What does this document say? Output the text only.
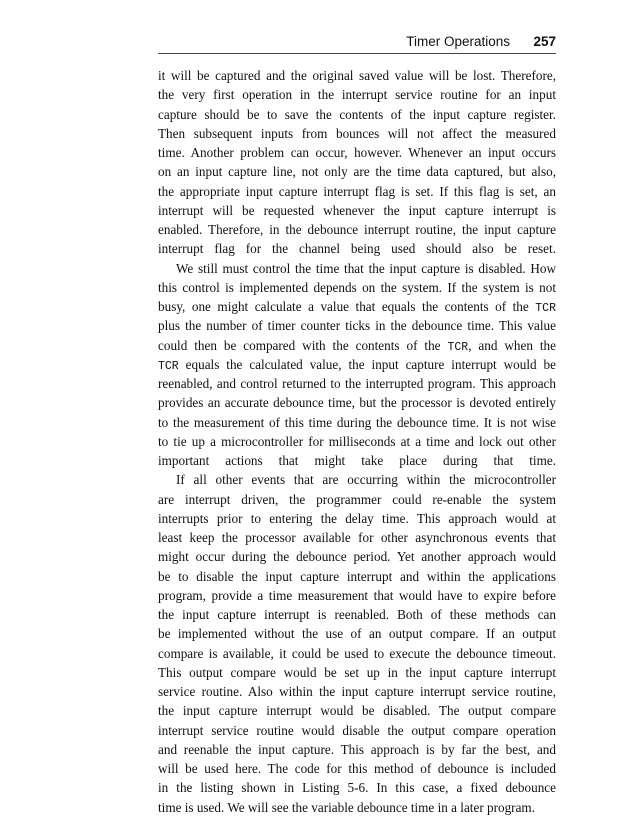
Timer Operations 257
it will be captured and the original saved value will be lost. Therefore,
the very first operation in the interrupt service routine for an input
capture should be to save the contents of the input capture register.
Then subsequent inputs from bounces will not affect the measured
time. Another problem can occur, however. Whenever an input occurs
on an input capture line, not only are the time data captured, but also,
the appropriate input capture interrupt flag is set. If this flag is set, an
interrupt will be requested whenever the input capture interrupt is
enabled. Therefore, in the debounce interrupt routine, the input capture
interrupt flag for the channel being used should also be reset.
We still must control the time that the input capture is disabled. How
this control is implemented depends on the system. If the system is not
busy, one might calculate a value that equals the contents of the TCR
plus the number of timer counter ticks in the debounce time. This value
could then be compared with the contents of the TCR, and when the
TCR equals the calculated value, the input capture interrupt would be
reenabled, and control returned to the interrupted program. This approach
provides an accurate debounce time, but the processor is devoted entirely
to the measurement of this time during the debounce time. It is not wise
to tie up a microcontroller for milliseconds at a time and lock out other
important actions that might take place during that time.
If all other events that are occurring within the microcontroller
are interrupt driven, the programmer could re-enable the system
interrupts prior to entering the delay time. This approach would at
least keep the processor available for other asynchronous events that
might occur during the debounce period. Yet another approach would
be to disable the input capture interrupt and within the applications
program, provide a time measurement that would have to expire before
the input capture interrupt is reenabled. Both of these methods can
be implemented without the use of an output compare. If an output
compare is available, it could be used to execute the debounce timeout.
This output compare would be set up in the input capture interrupt
service routine. Also within the input capture interrupt service routine,
the input capture interrupt would be disabled. The output compare
interrupt service routine would disable the output compare operation
and reenable the input capture. This approach is by far the best, and
will be used here. The code for this method of debounce is included
in the listing shown in Listing 5-6. In this case, a fixed debounce
time is used. We will see the variable debounce time in a later program.
